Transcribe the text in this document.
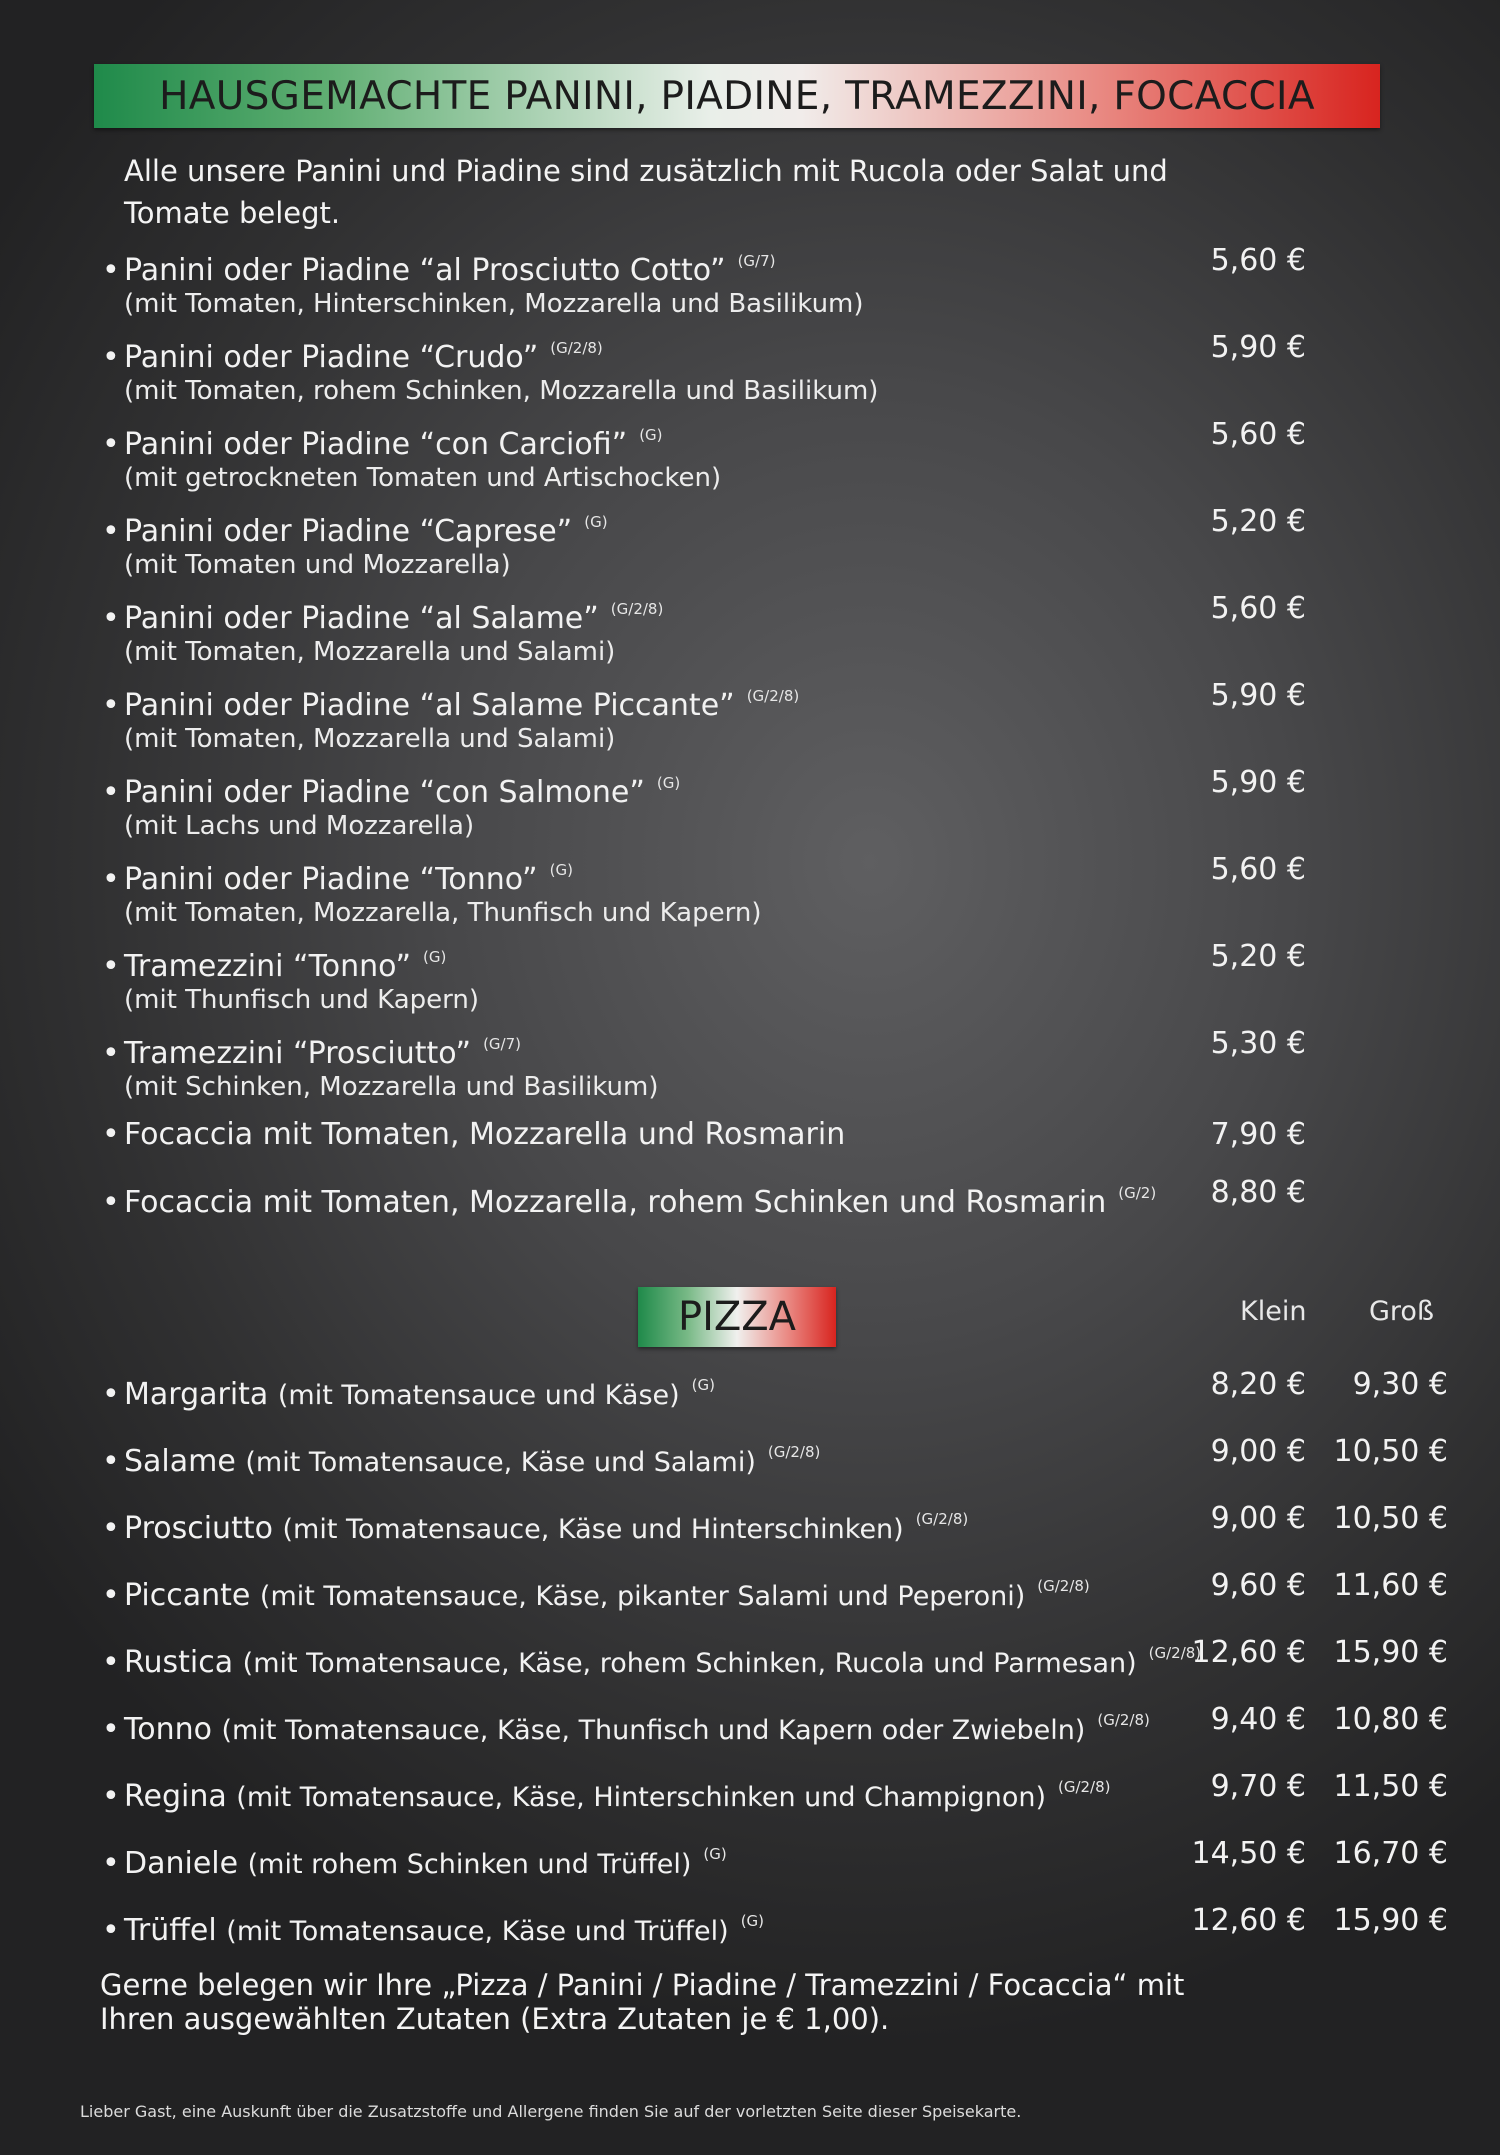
HAUSGEMACHTE PANINI, PIADINE, TRAMEZZINI, FOCACCIA
Alle unsere Panini und Piadine sind zusätzlich mit Rucola oder Salat und Tomate belegt.
• Panini oder Piadine “al Prosciutto Cotto” $^{(G/7)}$
(mit Tomaten, Hinterschinken, Mozzarella und Basilikum)
5,60 €
• Panini oder Piadine “Crudo” $^{(G/2/8)}$
(mit Tomaten, rohem Schinken, Mozzarella und Basilikum)
5,90 €
• Panini oder Piadine “con Carciofi” $^{(G)}$
(mit getrockneten Tomaten und Artischocken)
5,60 €
• Panini oder Piadine “Caprese” $^{(G)}$
(mit Tomaten und Mozzarella)
5,20 €
• Panini oder Piadine “al Salame” $^{(G/2/8)}$
(mit Tomaten, Mozzarella und Salami)
5,60 €
• Panini oder Piadine “al Salame Piccante” $^{(G/2/8)}$
(mit Tomaten, Mozzarella und Salami)
5,90 €
• Panini oder Piadine “con Salmone” $^{(G)}$
(mit Lachs und Mozzarella)
5,90 €
• Panini oder Piadine “Tonno” $^{(G)}$
(mit Tomaten, Mozzarella, Thunfisch und Kapern)
5,60 €
• Tramezzini “Tonno” $^{(G)}$
(mit Thunfisch und Kapern)
5,20 €
• Tramezzini “Prosciutto” $^{(G/7)}$
(mit Schinken, Mozzarella und Basilikum)
5,30 €
• Focaccia mit Tomaten, Mozzarella und Rosmarin	7,90 €
• Focaccia mit Tomaten, Mozzarella, rohem Schinken und Rosmarin $^{(G/2)}$ 8,80 €
PIZZA	Klein Groß
• Margarita (mit Tomatensauce und Käse) $^{(G)}$	8,20 € 9,30 €
• Salame (mit Tomatensauce, Käse und Salami) $^{(G/2/8)}$	9,00 € 10,50 €
• Prosciutto (mit Tomatensauce, Käse und Hinterschinken) $^{(G/2/8)}$	9,00 € 10,50 €
• Piccante (mit Tomatensauce, Käse, pikanter Salami und Peperoni) $^{(G/2/8)}$	9,60 € 11,60 €
• Rustica (mit Tomatensauce, Käse, rohem Schinken, Rucola und Parmesan) $^{(G/2/8)}$
12,60 € 15,90 €
• Tonno (mit Tomatensauce, Käse, Thunfisch und Kapern oder Zwiebeln) $^{(G/2/8)}$ 9,40 € 10,80 €
• Regina (mit Tomatensauce, Käse, Hinterschinken und Champignon) $^{(G/2/8)}$	9,70 € 11,50 €
• Daniele (mit rohem Schinken und Trüffel) $^{(G)}$	14,50 € 16,70 €
• Trüffel (mit Tomatensauce, Käse und Trüffel) $^{(G)}$	12,60 € 15,90 €
Gerne belegen wir Ihre „Pizza / Panini / Piadine / Tramezzini / Focaccia“ mit Ihren ausgewählten Zutaten (Extra Zutaten je € 1,00).
Lieber Gast, eine Auskunft über die Zusatzstoffe und Allergene finden Sie auf der vorletzten Seite dieser Speisekarte.
